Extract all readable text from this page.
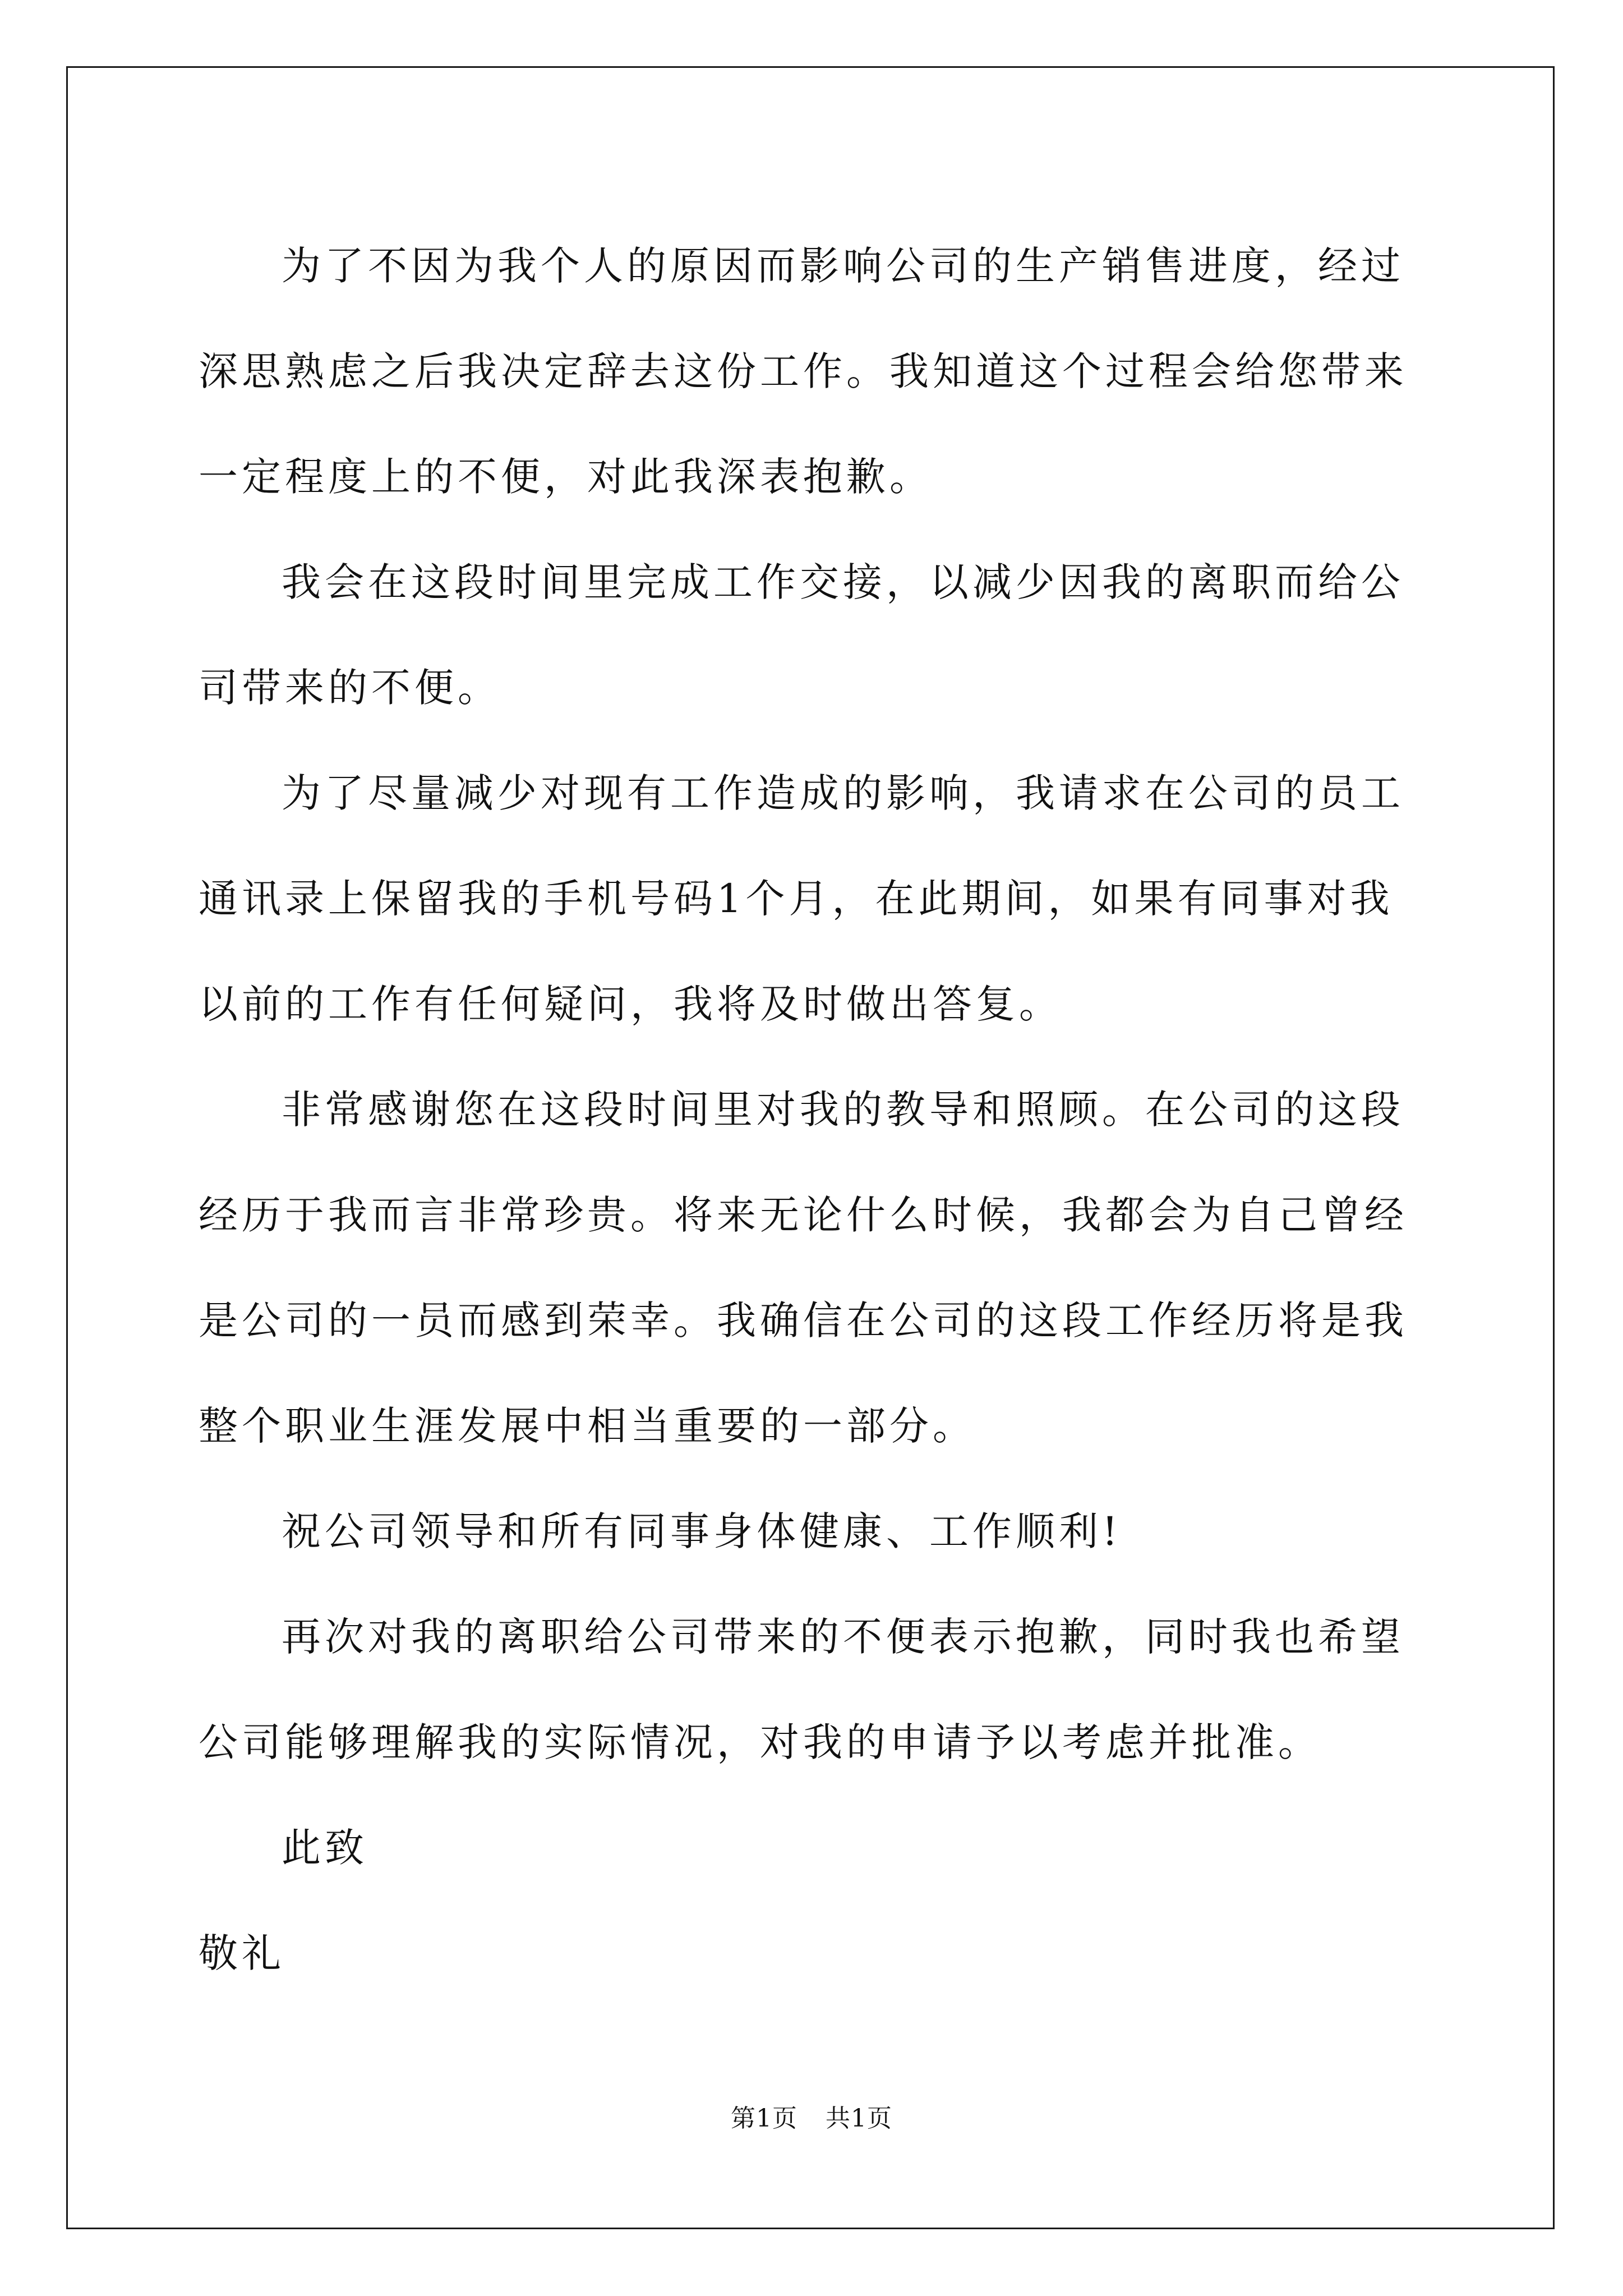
为了不因为我个人的原因而影响公司的生产销售进度，经过深思熟虑之后我决定辞去这份工作。我知道这个过程会给您带来一定程度上的不便，对此我深表抱歉。

我会在这段时间里完成工作交接，以减少因我的离职而给公司带来的不便。

为了尽量减少对现有工作造成的影响，我请求在公司的员工通讯录上保留我的手机号码1个月，在此期间，如果有同事对我以前的工作有任何疑问，我将及时做出答复。

非常感谢您在这段时间里对我的教导和照顾。在公司的这段经历于我而言非常珍贵。将来无论什么时候，我都会为自己曾经是公司的一员而感到荣幸。我确信在公司的这段工作经历将是我整个职业生涯发展中相当重要的一部分。

祝公司领导和所有同事身体健康、工作顺利!

再次对我的离职给公司带来的不便表示抱歉，同时我也希望公司能够理解我的实际情况，对我的申请予以考虑并批准。

此致

敬礼

第1页 共1页
